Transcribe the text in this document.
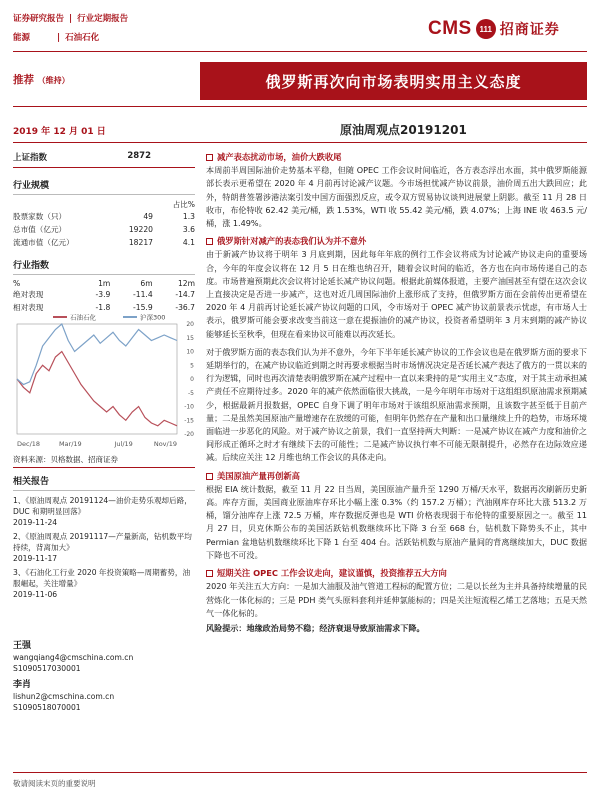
证券研究报告 | 行业定期报告
能源	| 石油石化	CMS 111 招商证券
推荐 （维持）	俄罗斯再次向市场表明实用主义态度
2019 年 12 月 01 日	原油周观点20191201
上证指数	2872
行业规模
		占比%
股票家数（只）	49	1.3
总市值（亿元）	19220	3.6
流通市值（亿元）	18217	4.1
行业指数
%	1m	6m	12m
绝对表现	-3.9	-11.4	-14.7
相对表现	-1.8	-15.9	-36.7
20
15
10
5
0
-5
-10
-15
-20
Dec/18	Mar/19	Jul/19	Nov/19
石油石化	沪深300
资料来源：贝格数据、招商证券
相关报告
1、《原油周观点 20191124—油价走势乐观却后路，DUC 和期明显回落》
2019-11-24
2、《原油周观点 20191117—产量新高，钻机数平均持续，背离加大》
2019-11-17
3、《石油化工行业 2020 年投资策略—周期蓄势，油服崛起，关注增量》
2019-11-06
王强
wangqiang4@cmschina.com.cn
S1090517030001
李肖
lishun2@cmschina.com.cn
S1090518070001
减产表态扰动市场，油价大跌收尾
本周前半周国际油价走势基本平稳，但随 OPEC 工作会议时间临近，各方表态浮出水面，其中俄罗斯能源部长表示更希望在 2020 年 4 月前再讨论减产议题。今市场担忧减产协议前景，油价周五出大跌回应；此外，特朗普签署涉港法案引发中国方面强烈反应，或令双方贸易协议谈判进展蒙上阴影。截至 11 月 28 日收市，布伦特收 62.42 美元/桶，跌 1.53%，WTI 收 55.42 美元/桶，跌 4.07%；上海 INE 收 463.5 元/桶，涨 1.49%。
俄罗斯针对减产的表态我们认为并不意外
由于新减产协议将于明年 3 月底到期，因此每年年底的例行工作会议将成为讨论减产协议走向的重要场合，今年的年度会议将在 12 月 5 日在维也纳召开，随着会议时间的临近，各方也在向市场传递自己的态度。市场普遍预期此次会议将讨论延长减产协议问题。根据此前媒体报道，主要产油国甚至有望在这次会议上直接决定是否进一步减产，这也对近几周国际油价上涨形成了支持，但俄罗斯方面在会前传出更希望在 2020 年 4 月前再讨论延长减产协议问题的口风，令市场对于 OPEC 减产协议前景表示忧虑，有市场人士表示，俄罗斯可能会要求改变当前这一意在提振油价的减产协议，投资者希望明年 3 月末到期的减产协议能够延长至秋季，但现在看来协议可能难以再次延长。
对于俄罗斯方面的表态我们认为并不意外，今年下半年延长减产协议的工作会议也是在俄罗斯方面的要求下延期举行的，在减产协议临近到期之时再要求根据当时市场情况决定是否延长减产表达了俄方的一贯以来的行为逻辑，同时也再次清楚表明俄罗斯在减产过程中一直以来秉持的是“实用主义”态度，对于其主动承担减产责任不应期待过多。2020 年的减产依然面临很大挑战，一是今年明年市场对于这组组织原油需求预期减少，根据最新月报数据，OPEC 自身下调了明年市场对于该组织原油需求预期，且该数字甚至低于目前产量；二是虽然美国原油产量增速存在放缓的可能，但明年仍然存在产量和出口量继续上升的趋势，市场环境面临进一步恶化的风险。对于减产协议之前景，我们一直坚持两大判断：一是减产协议在减产力度和油价之间形成正循环之时才有继续下去的可能性；二是减产协议执行率不可能无限制提升，必然存在边际效应递减。后续应关注 12 月维也纳工作会议的具体走向。
美国原油产量再创新高
根据 EIA 统计数据，截至 11 月 22 日当周，美国原油产量升至 1290 万桶/天水平，数据再次刷新历史新高。库存方面，美国商业原油库存环比小幅上涨 0.3%（约 157.2 万桶）；汽油刚库存环比大涨 513.2 万桶，馏分油库存上涨 72.5 万桶，库存数据反弹也是 WTI 价格表现弱于布伦特的重要原因之一。截至 11 月 27 日，贝克休斯公布的美国活跃钻机数继续环比下降 3 台至 668 台，钻机数下降势头不止，其中 Permian 盆地钻机数继续环比下降 1 台至 404 台。活跃钻机数与原油产量间的背离继续加大，DUC 数据下降也不可没。
短期关注 OPEC 工作会议走向，建议谨慎，投资推荐五大方向
2020 年关注五大方向：一是加大油服及油气管道工程标的配置方位；二是以长丝为主并具备持续增量的民营炼化一体化标的；三是 PDH 类气头原料套利并延伸氯能标的；四是关注短流程乙烯工艺落地；五是天然气一体化标的。
风险提示：地缘政治局势不稳；经济衰退导致原油需求下降。
敬请阅读末页的重要说明
